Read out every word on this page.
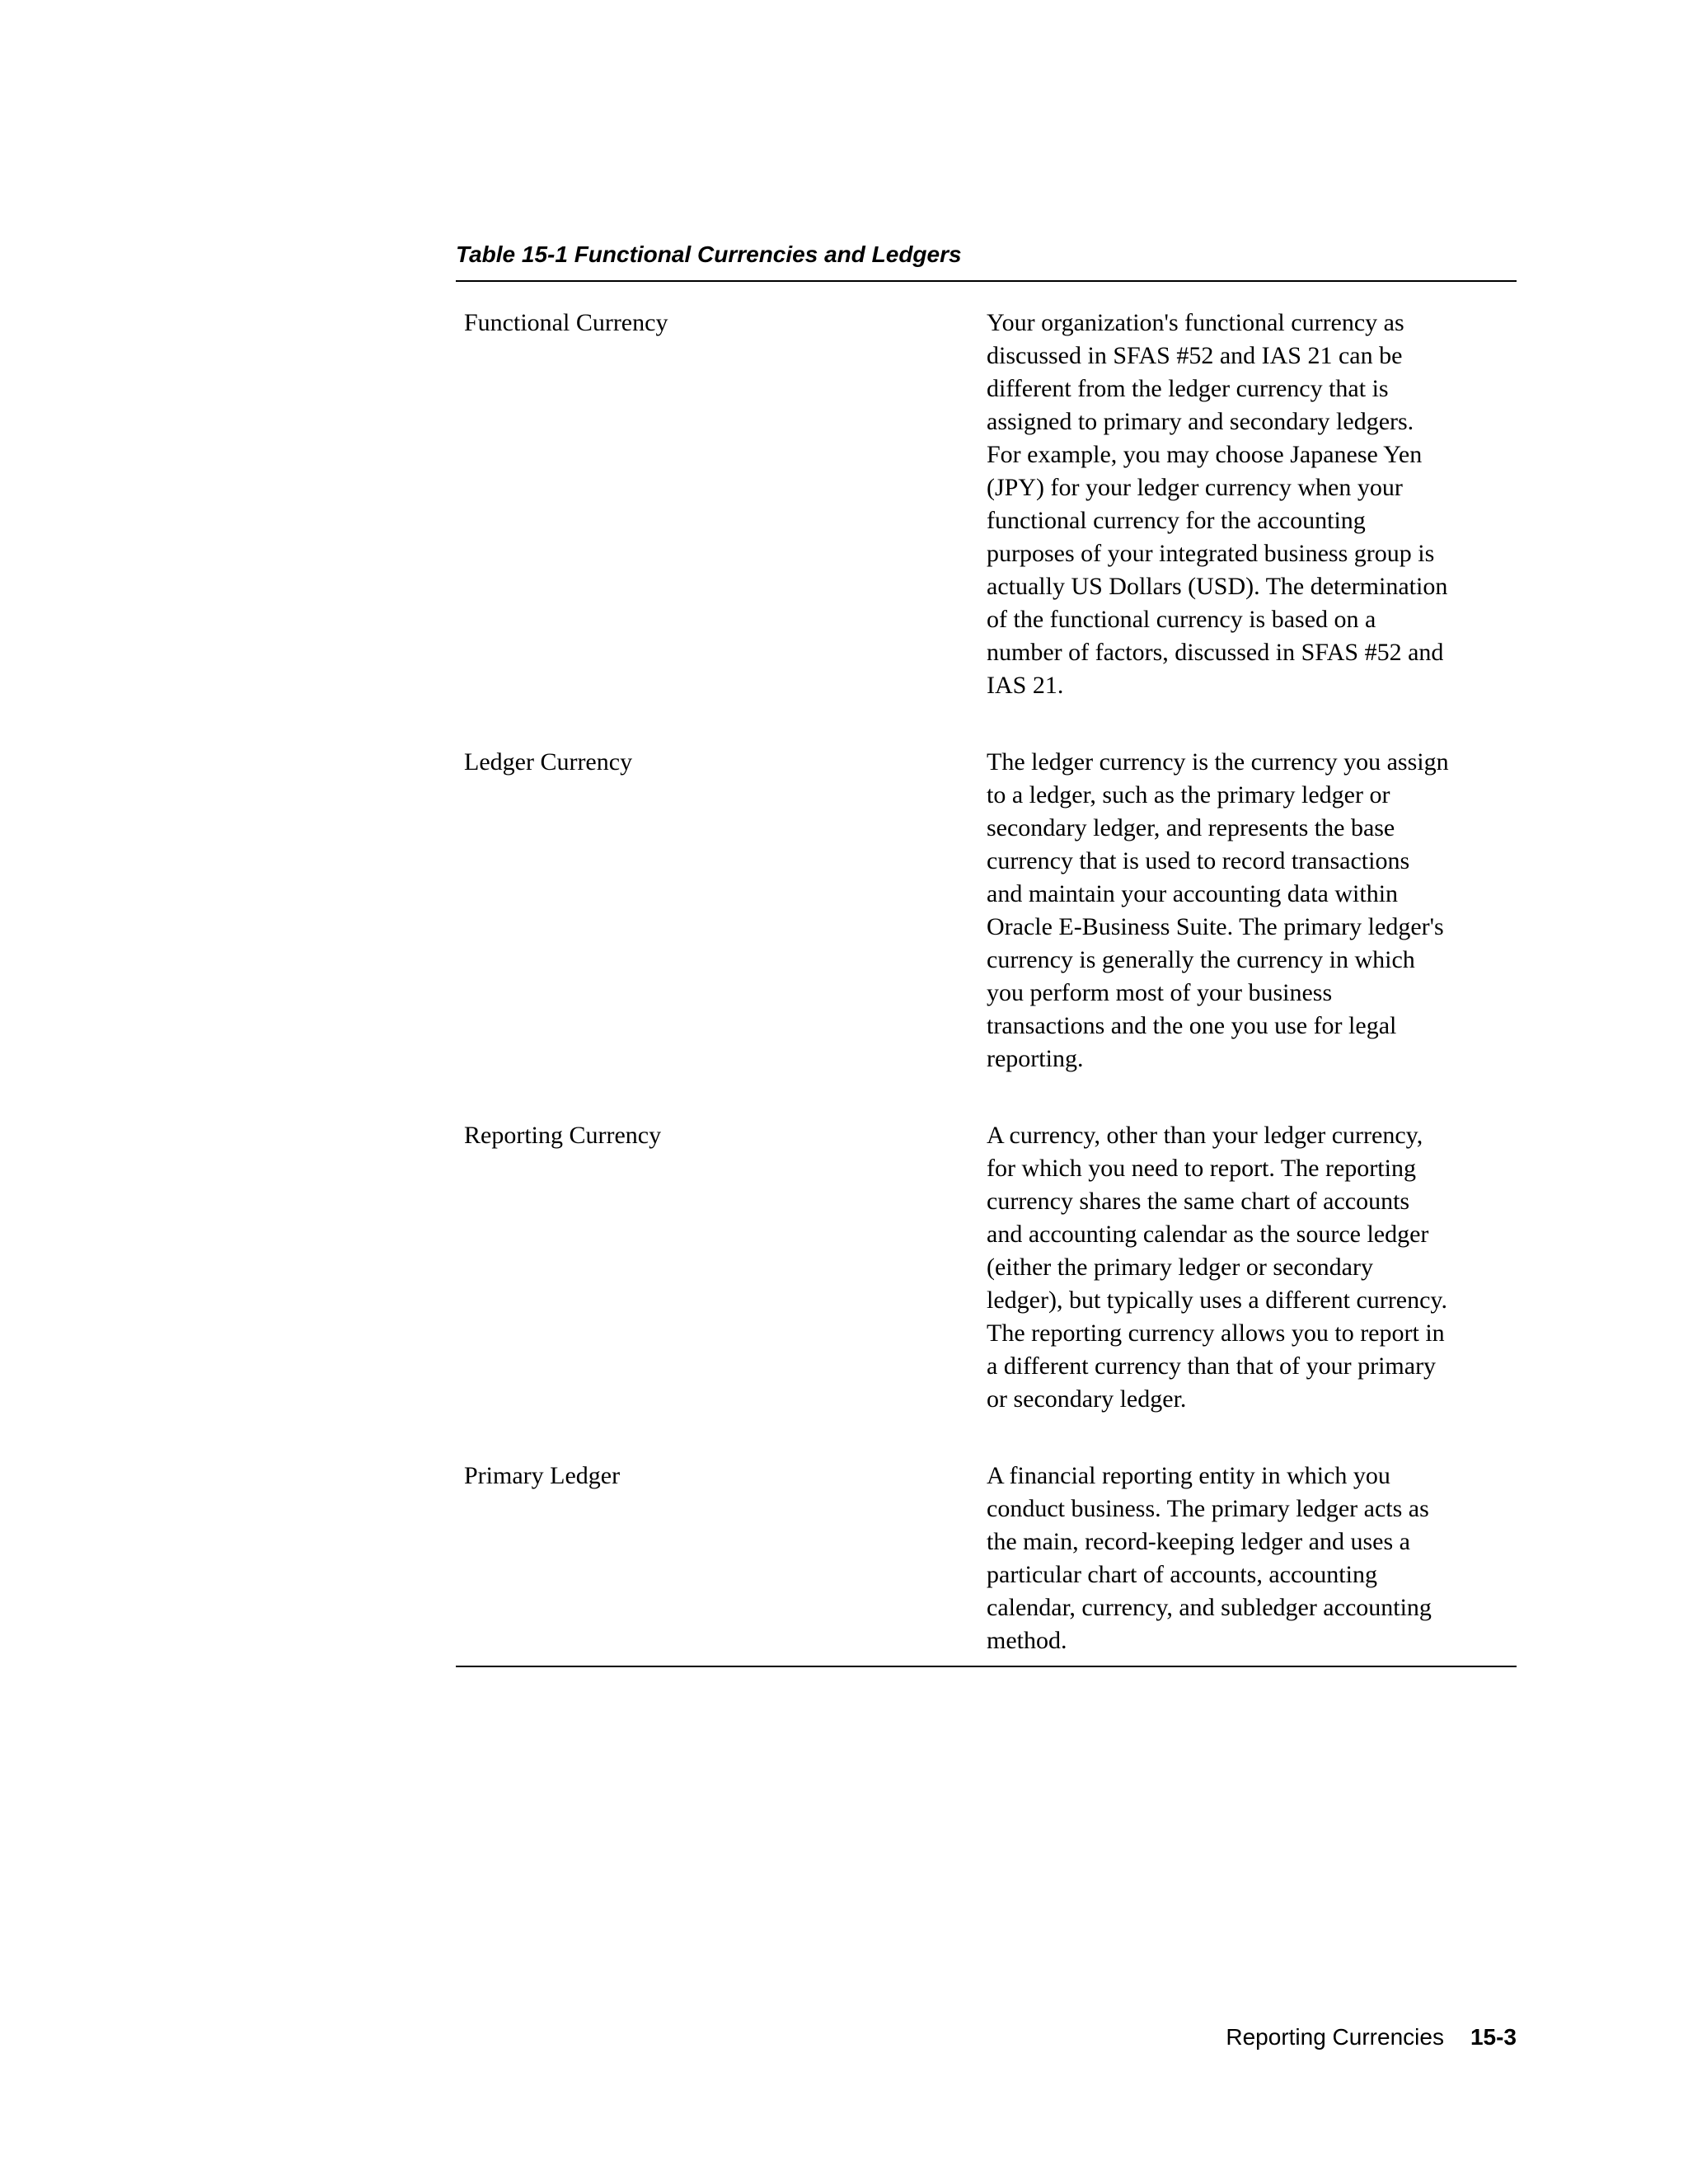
Table 15-1 Functional Currencies and Ledgers
Functional Currency	Your organization's functional currency as
discussed in SFAS #52 and IAS 21 can be
different from the ledger currency that is
assigned to primary and secondary ledgers.
For example, you may choose Japanese Yen
(JPY) for your ledger currency when your
functional currency for the accounting
purposes of your integrated business group is
actually US Dollars (USD). The determination
of the functional currency is based on a
number of factors, discussed in SFAS #52 and
IAS 21.
Ledger Currency	The ledger currency is the currency you assign
to a ledger, such as the primary ledger or
secondary ledger, and represents the base
currency that is used to record transactions
and maintain your accounting data within
Oracle E-Business Suite. The primary ledger's
currency is generally the currency in which
you perform most of your business
transactions and the one you use for legal
reporting.
Reporting Currency	A currency, other than your ledger currency,
for which you need to report. The reporting
currency shares the same chart of accounts
and accounting calendar as the source ledger
(either the primary ledger or secondary
ledger), but typically uses a different currency.
The reporting currency allows you to report in
a different currency than that of your primary
or secondary ledger.
Primary Ledger	A financial reporting entity in which you
conduct business. The primary ledger acts as
the main, record-keeping ledger and uses a
particular chart of accounts, accounting
calendar, currency, and subledger accounting
method.
Reporting Currencies 15-3
